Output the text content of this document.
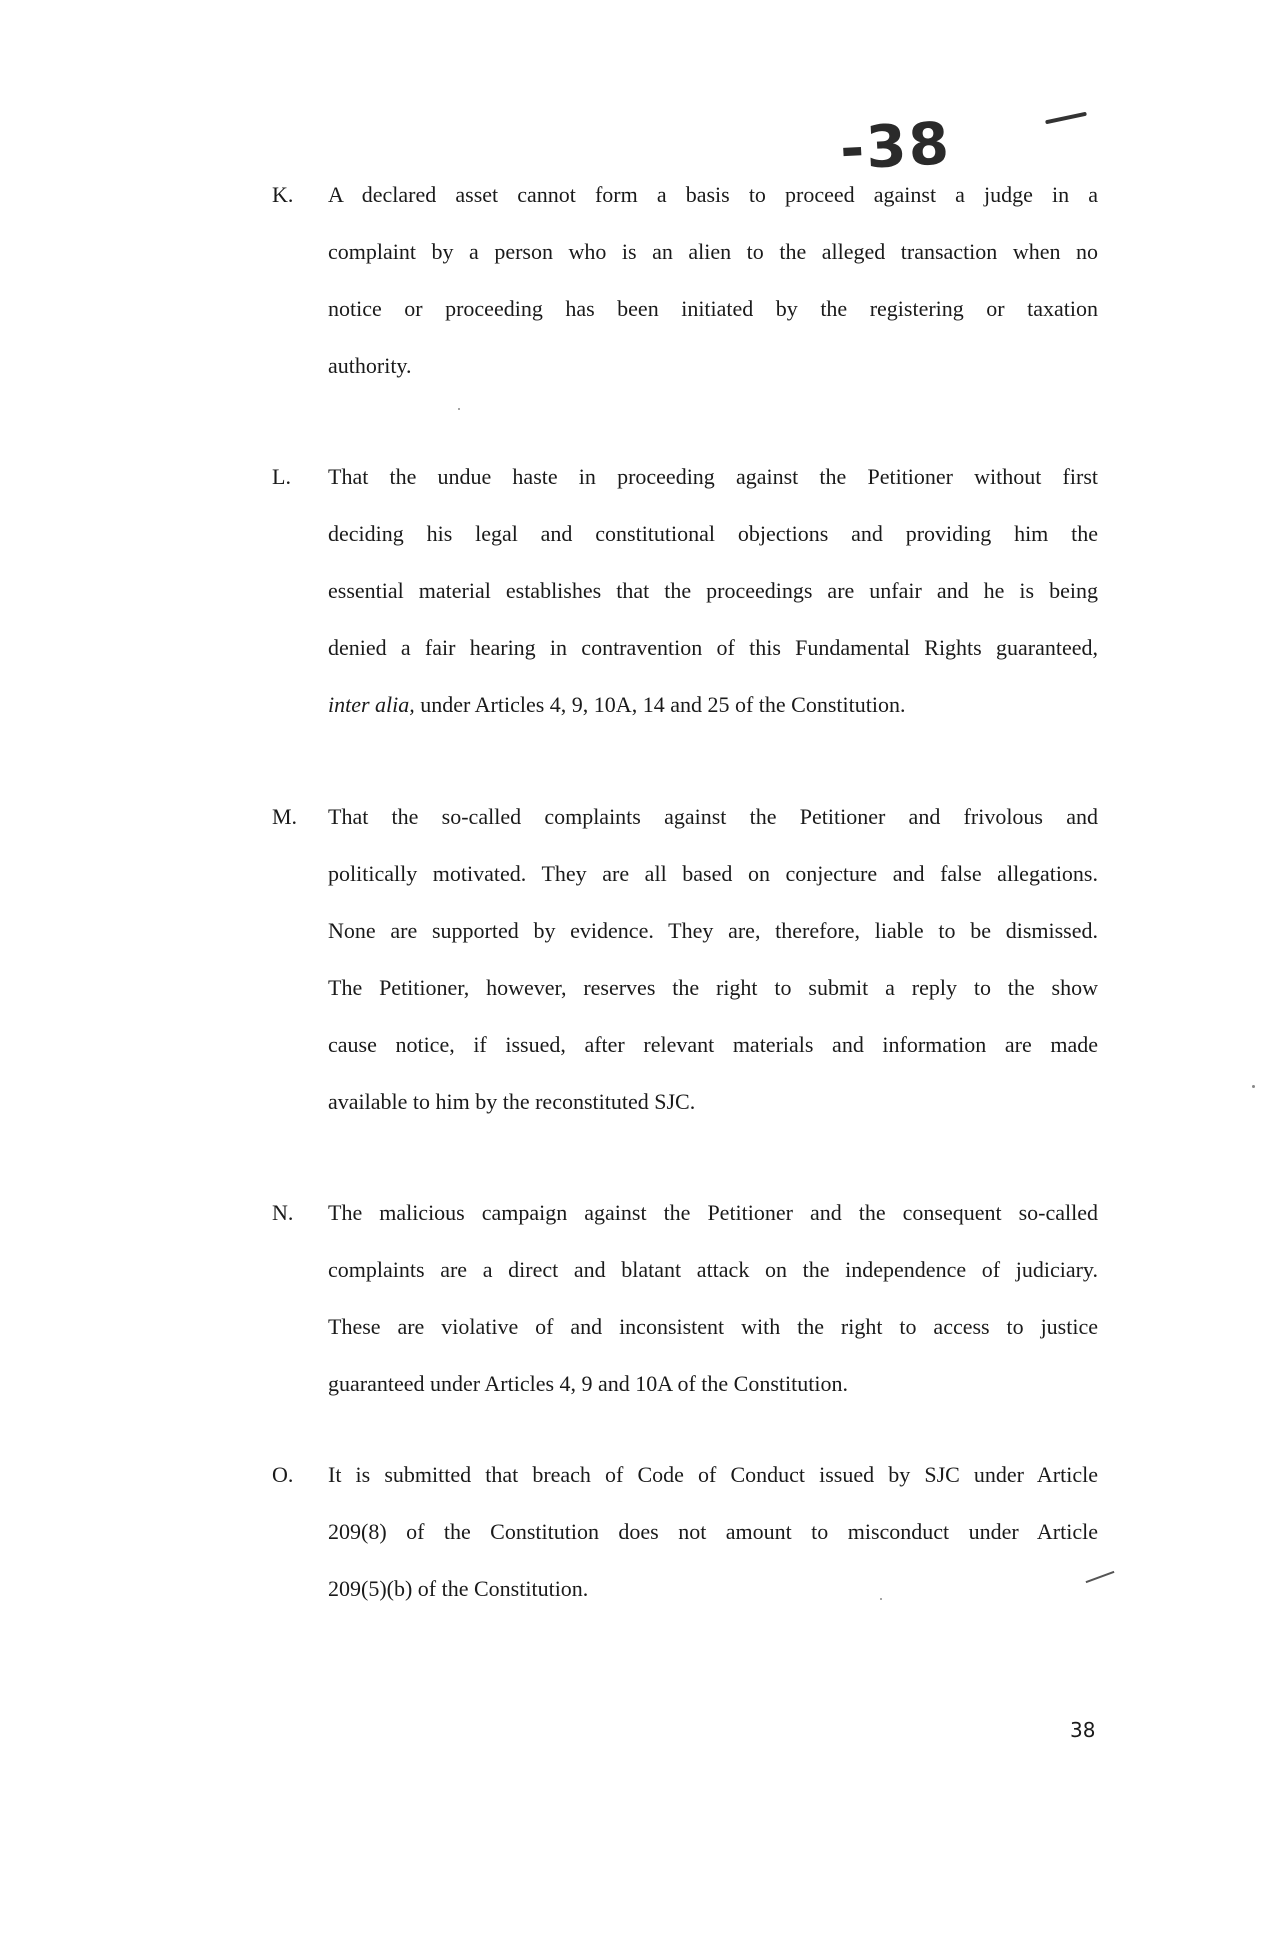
-38
K. A declared asset cannot form a basis to proceed against a judge in a
complaint by a person who is an alien to the alleged transaction when no
notice or proceeding has been initiated by the registering or taxation
authority.
L. That the undue haste in proceeding against the Petitioner without first
deciding his legal and constitutional objections and providing him the
essential material establishes that the proceedings are unfair and he is being
denied a fair hearing in contravention of this Fundamental Rights guaranteed,
inter alia, under Articles 4, 9, 10A, 14 and 25 of the Constitution.
M. That the so-called complaints against the Petitioner and frivolous and
politically motivated. They are all based on conjecture and false allegations.
None are supported by evidence. They are, therefore, liable to be dismissed.
The Petitioner, however, reserves the right to submit a reply to the show
cause notice, if issued, after relevant materials and information are made
available to him by the reconstituted SJC.
N. The malicious campaign against the Petitioner and the consequent so-called
complaints are a direct and blatant attack on the independence of judiciary.
These are violative of and inconsistent with the right to access to justice
guaranteed under Articles 4, 9 and 10A of the Constitution.
O. It is submitted that breach of Code of Conduct issued by SJC under Article
209(8) of the Constitution does not amount to misconduct under Article
209(5)(b) of the Constitution.
38
